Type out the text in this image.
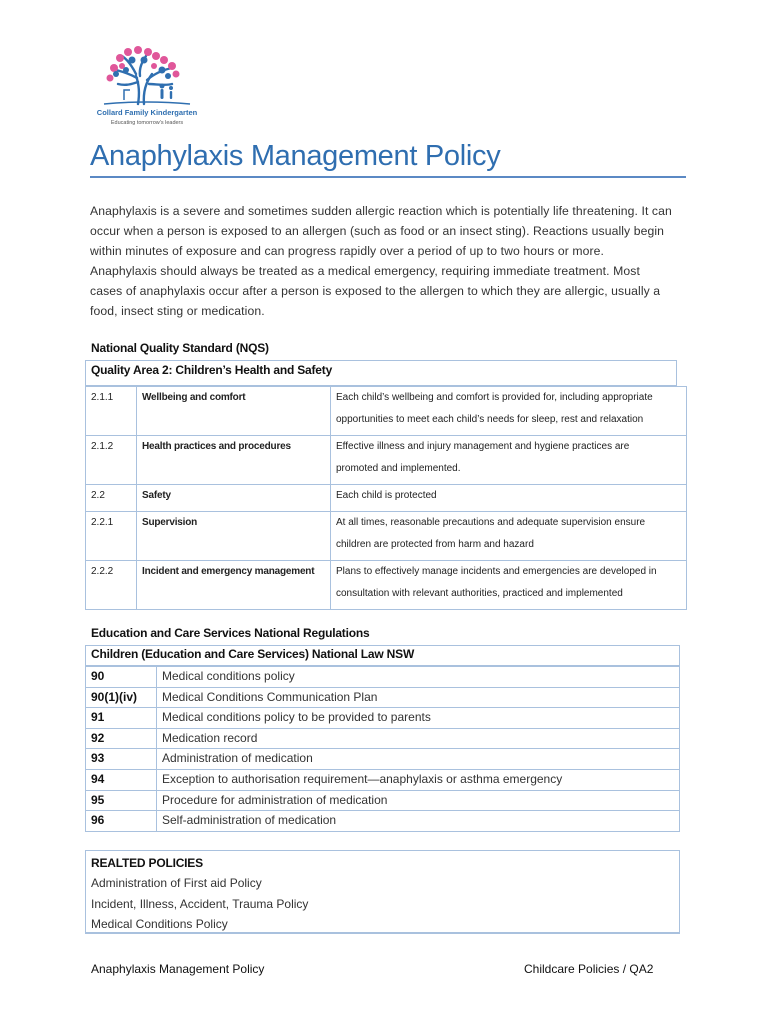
Collard Family Kindergarten
Educating tomorrow's leaders
Anaphylaxis Management Policy
Anaphylaxis is a severe and sometimes sudden allergic reaction which is potentially life threatening. It can
occur when a person is exposed to an allergen (such as food or an insect sting). Reactions usually begin
within minutes of exposure and can progress rapidly over a period of up to two hours or more.
Anaphylaxis should always be treated as a medical emergency, requiring immediate treatment. Most
cases of anaphylaxis occur after a person is exposed to the allergen to which they are allergic, usually a
food, insect sting or medication.
National Quality Standard (NQS)
Quality Area 2: Children’s Health and Safety
2.1.1	Wellbeing and comfort	Each child’s wellbeing and comfort is provided for, including appropriate
opportunities to meet each child’s needs for sleep, rest and relaxation

2.1.2	Health practices and procedures	Effective illness and injury management and hygiene practices are
promoted and implemented.

2.2	Safety	Each child is protected

2.2.1	Supervision	At all times, reasonable precautions and adequate supervision ensure
children are protected from harm and hazard

2.2.2	Incident and emergency management	Plans to effectively manage incidents and emergencies are developed in
consultation with relevant authorities, practiced and implemented
Education and Care Services National Regulations
Children (Education and Care Services) National Law NSW
90	Medical conditions policy
90(1)(iv)	Medical Conditions Communication Plan
91	Medical conditions policy to be provided to parents
92	Medication record
93	Administration of medication
94	Exception to authorisation requirement—anaphylaxis or asthma emergency
95	Procedure for administration of medication
96	Self-administration of medication
REALTED POLICIES
Administration of First aid Policy
Incident, Illness, Accident, Trauma Policy
Medical Conditions Policy
Anaphylaxis Management Policy	Childcare Policies / QA2
